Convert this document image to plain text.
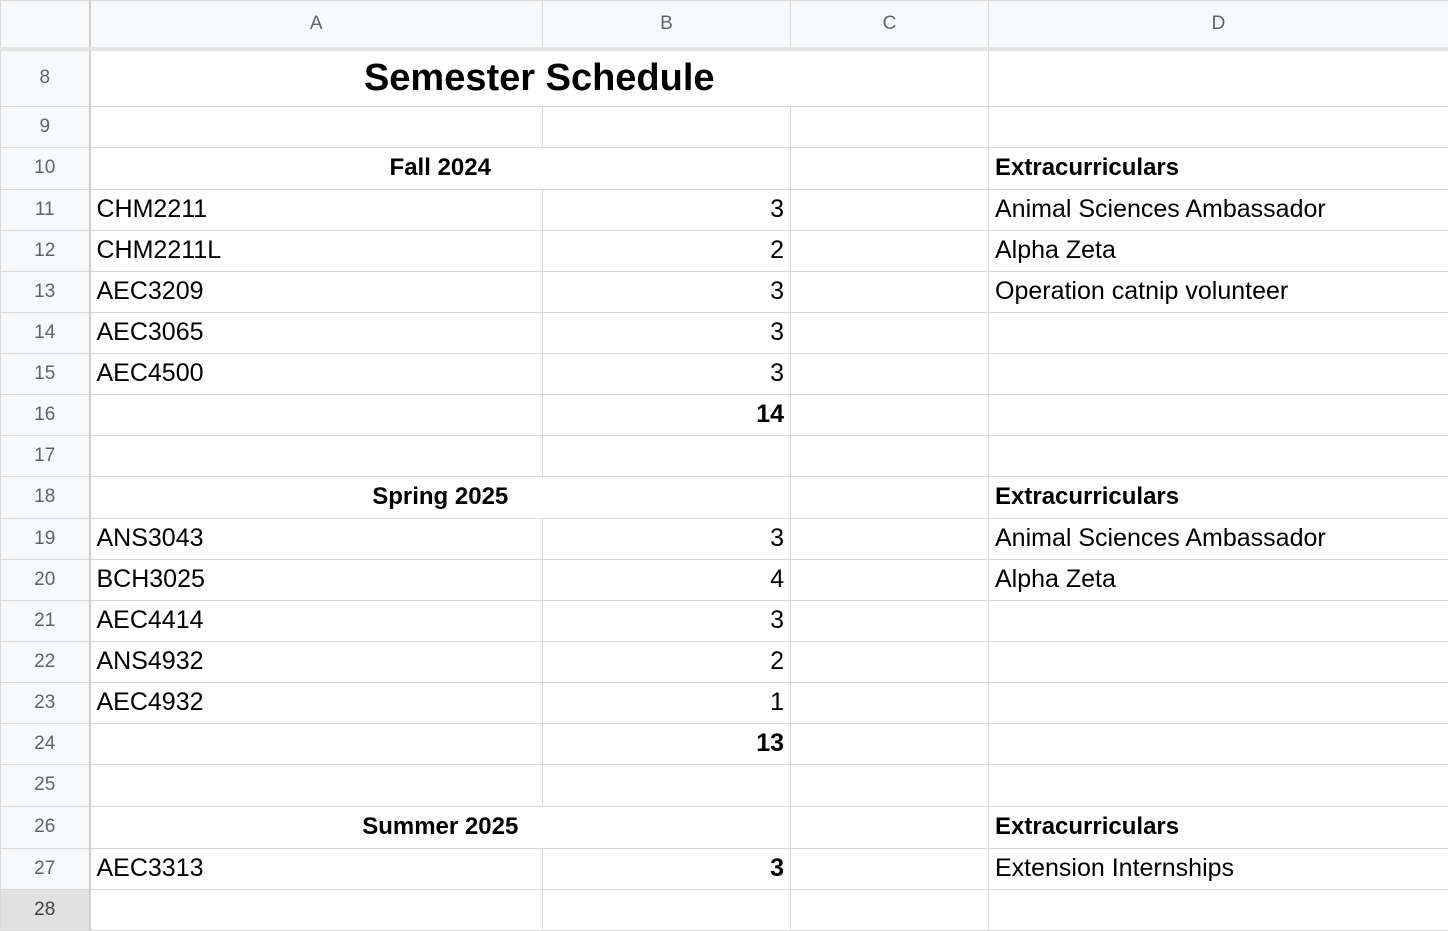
	A	B	C	D
8	Semester Schedule			
9				
10	Fall 2024			Extracurriculars
11	CHM2211	3		Animal Sciences Ambassador
12	CHM2211L	2		Alpha Zeta
13	AEC3209	3		Operation catnip volunteer
14	AEC3065	3		
15	AEC4500	3		
16		14		
17				
18	Spring 2025			Extracurriculars
19	ANS3043	3		Animal Sciences Ambassador
20	BCH3025	4		Alpha Zeta
21	AEC4414	3		
22	ANS4932	2		
23	AEC4932	1		
24		13		
25				
26	Summer 2025			Extracurriculars
27	AEC3313	3		Extension Internships
28				
